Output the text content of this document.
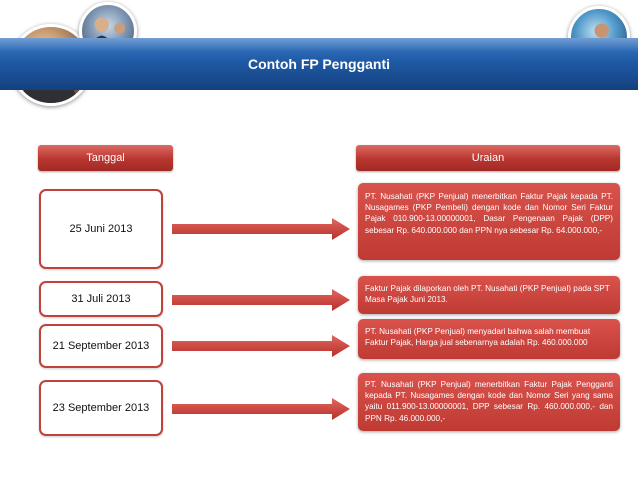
Contoh FP Pengganti
Tanggal	Uraian
25 Juni 2013
PT. Nusahati (PKP Penjual) menerbitkan Faktur Pajak kepada PT. Nusagames (PKP Pembeli) dengan kode dan Nomor Seri Faktur Pajak 010.900-13.00000001, Dasar Pengenaan Pajak (DPP) sebesar Rp. 640.000.000 dan PPN nya sebesar Rp. 64.000.000,-
31 Juli 2013
Faktur Pajak dilaporkan oleh PT. Nusahati (PKP Penjual) pada SPT Masa Pajak Juni 2013.
21 September 2013
PT. Nusahati (PKP Penjual) menyadari bahwa salah membuat Faktur Pajak, Harga jual sebenarnya adalah Rp. 460.000.000
23 September 2013
PT. Nusahati (PKP Penjual) menerbitkan Faktur Pajak Pengganti kepada PT. Nusagames dengan kode dan Nomor Seri yang sama yaitu 011.900-13.00000001, DPP sebesar Rp. 460.000.000,- dan PPN Rp. 46.000.000,-
